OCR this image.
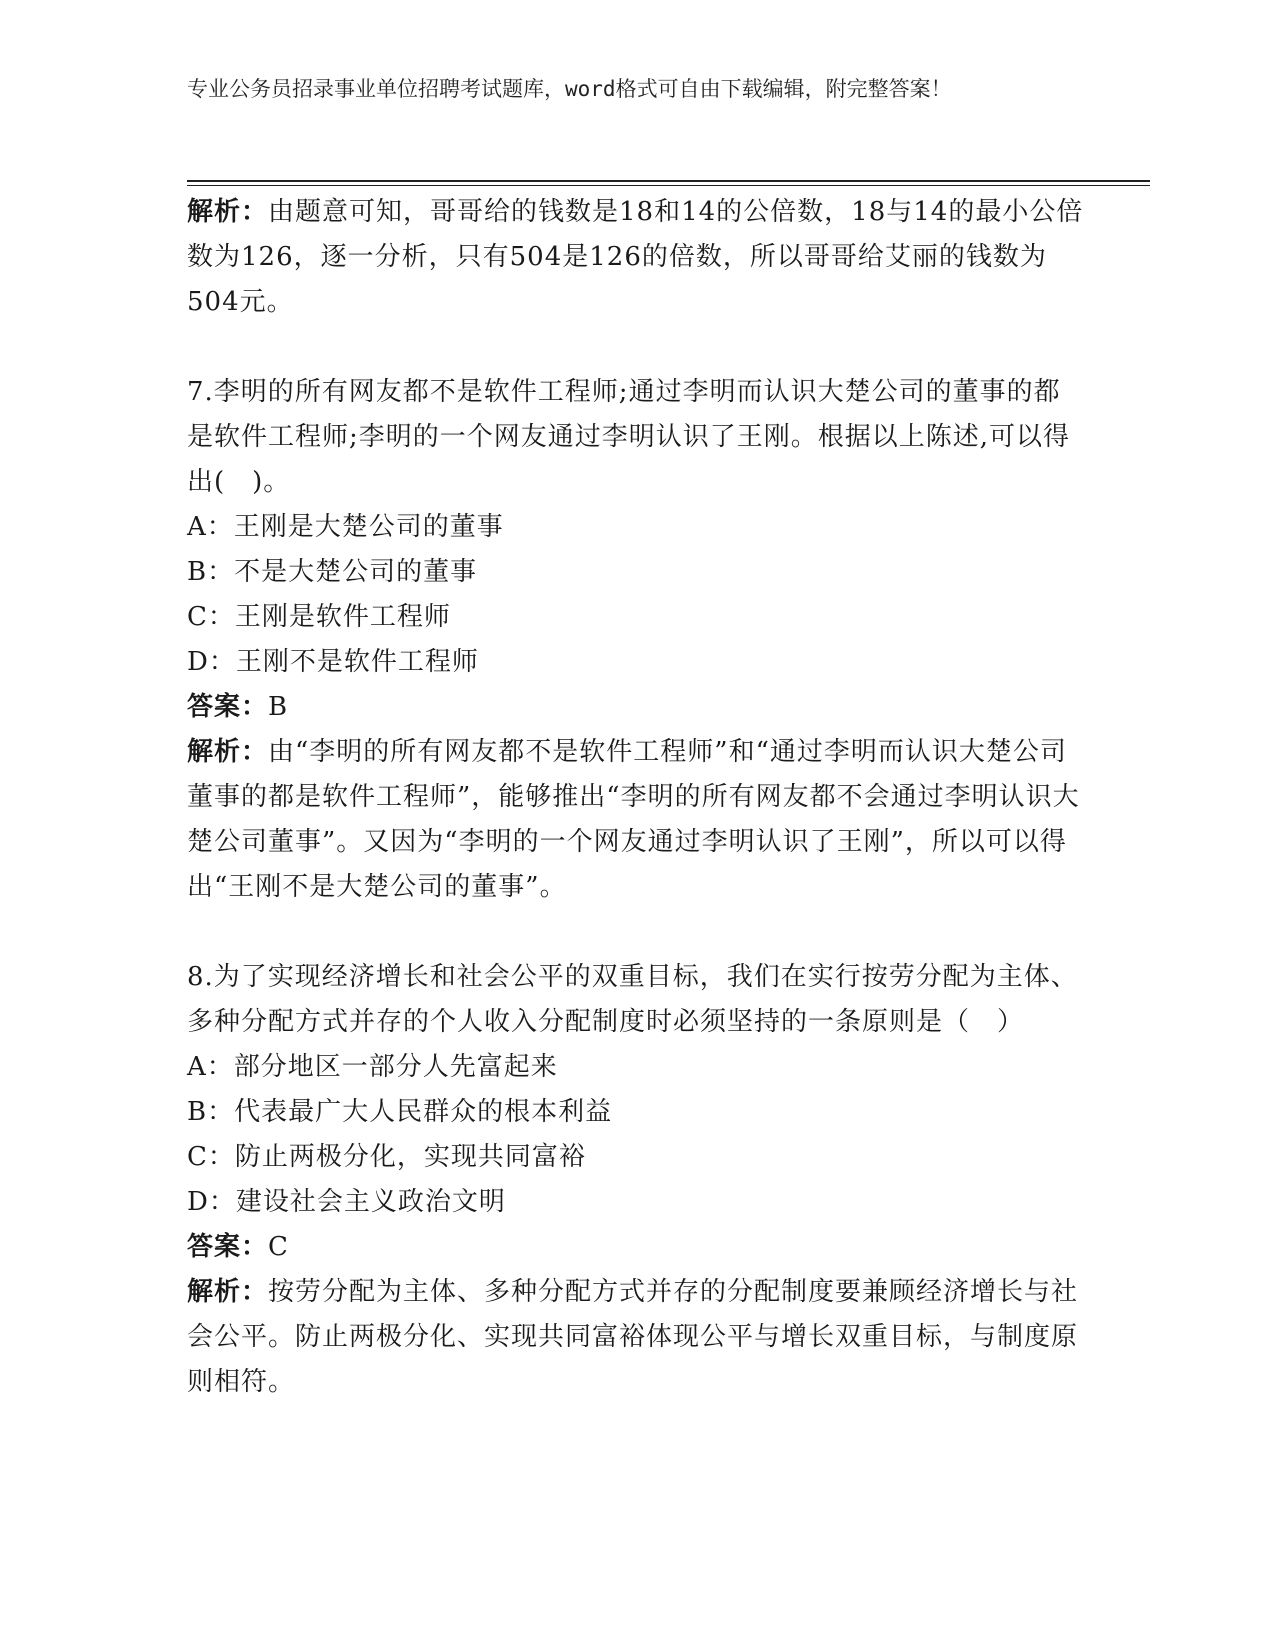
专业公务员招录事业单位招聘考试题库，word格式可自由下载编辑，附完整答案！

解析：由题意可知，哥哥给的钱数是18和14的公倍数，18与14的最小公倍数为126，逐一分析，只有504是126的倍数，所以哥哥给艾丽的钱数为504元。

7.李明的所有网友都不是软件工程师;通过李明而认识大楚公司的董事的都是软件工程师;李明的一个网友通过李明认识了王刚。根据以上陈述,可以得出(　)。

A：王刚是大楚公司的董事

B：不是大楚公司的董事

C：王刚是软件工程师

D：王刚不是软件工程师

答案：B

解析：由“李明的所有网友都不是软件工程师”和“通过李明而认识大楚公司董事的都是软件工程师”，能够推出“李明的所有网友都不会通过李明认识大楚公司董事”。又因为“李明的一个网友通过李明认识了王刚”，所以可以得出“王刚不是大楚公司的董事”。

8.为了实现经济增长和社会公平的双重目标，我们在实行按劳分配为主体、多种分配方式并存的个人收入分配制度时必须坚持的一条原则是（　）

A：部分地区一部分人先富起来

B：代表最广大人民群众的根本利益

C：防止两极分化，实现共同富裕

D：建设社会主义政治文明

答案：C

解析：按劳分配为主体、多种分配方式并存的分配制度要兼顾经济增长与社会公平。防止两极分化、实现共同富裕体现公平与增长双重目标，与制度原则相符。
